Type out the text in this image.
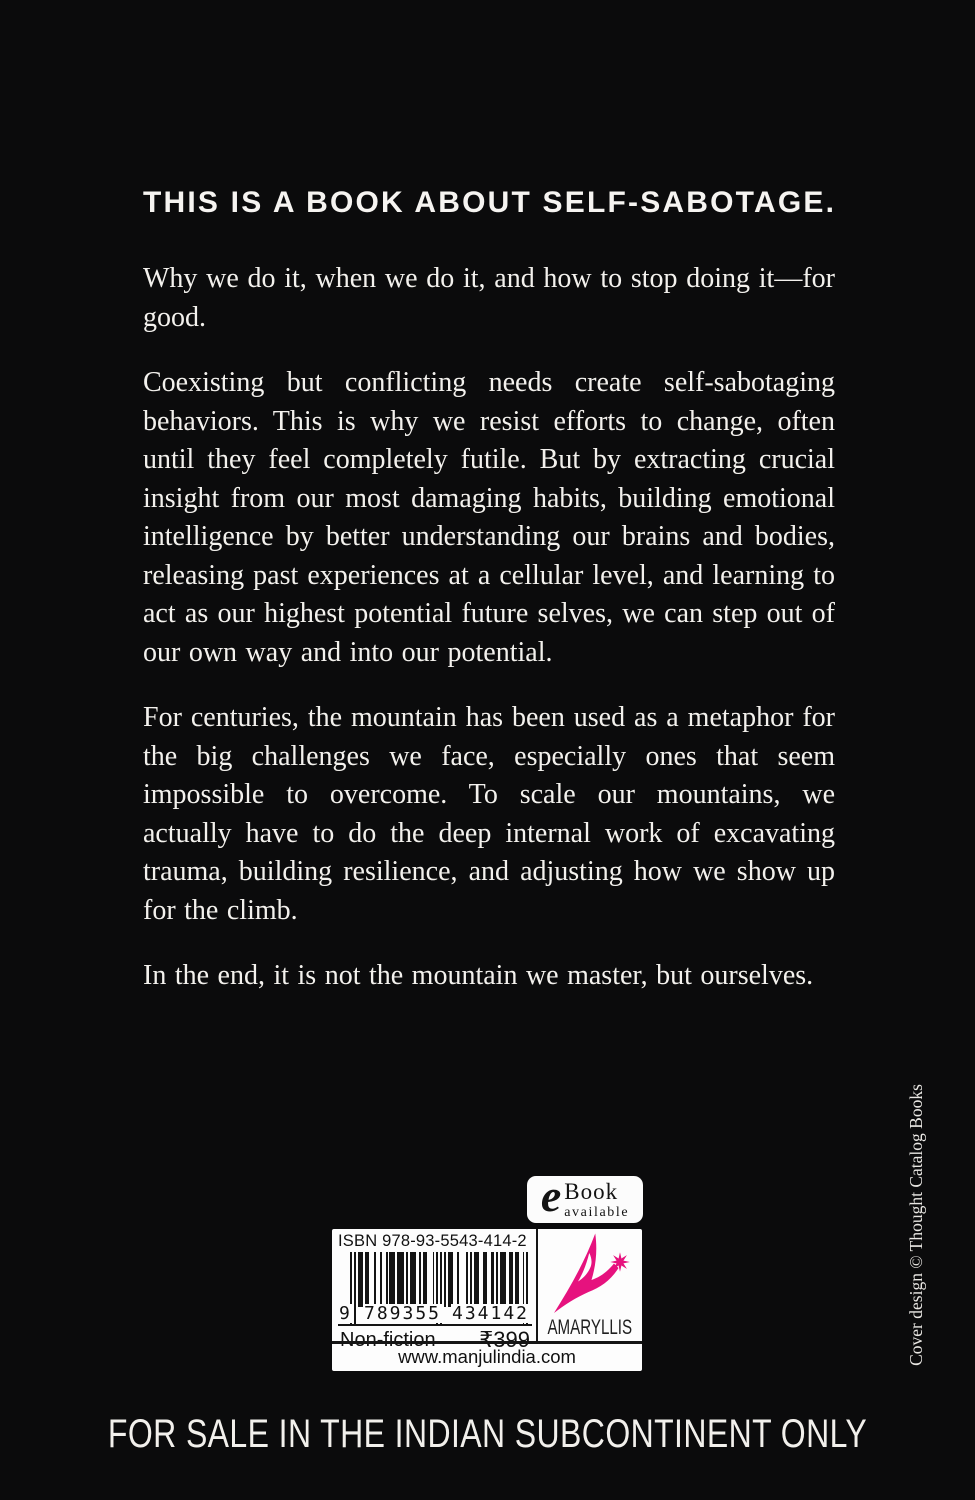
THIS IS A BOOK ABOUT SELF-SABOTAGE.

Why we do it, when we do it, and how to stop doing it—for good.

Coexisting but conflicting needs create self-sabotaging behaviors. This is why we resist efforts to change, often until they feel completely futile. But by extracting crucial insight from our most damaging habits, building emotional intelligence by better understanding our brains and bodies, releasing past experiences at a cellular level, and learning to act as our highest potential future selves, we can step out of our own way and into our potential.

For centuries, the mountain has been used as a metaphor for the big challenges we face, especially ones that seem impossible to overcome. To scale our mountains, we actually have to do the deep internal work of excavating trauma, building resilience, and adjusting how we show up for the climb.

In the end, it is not the mountain we master, but ourselves.

e Book
available
ISBN 978-93-5543-414-2
9 789355 434142
Non-fiction ₹399 AMARYLLIS
www.manjulindia.com	Cover design © Thought Catalog Books
FOR SALE IN THE INDIAN SUBCONTINENT ONLY
